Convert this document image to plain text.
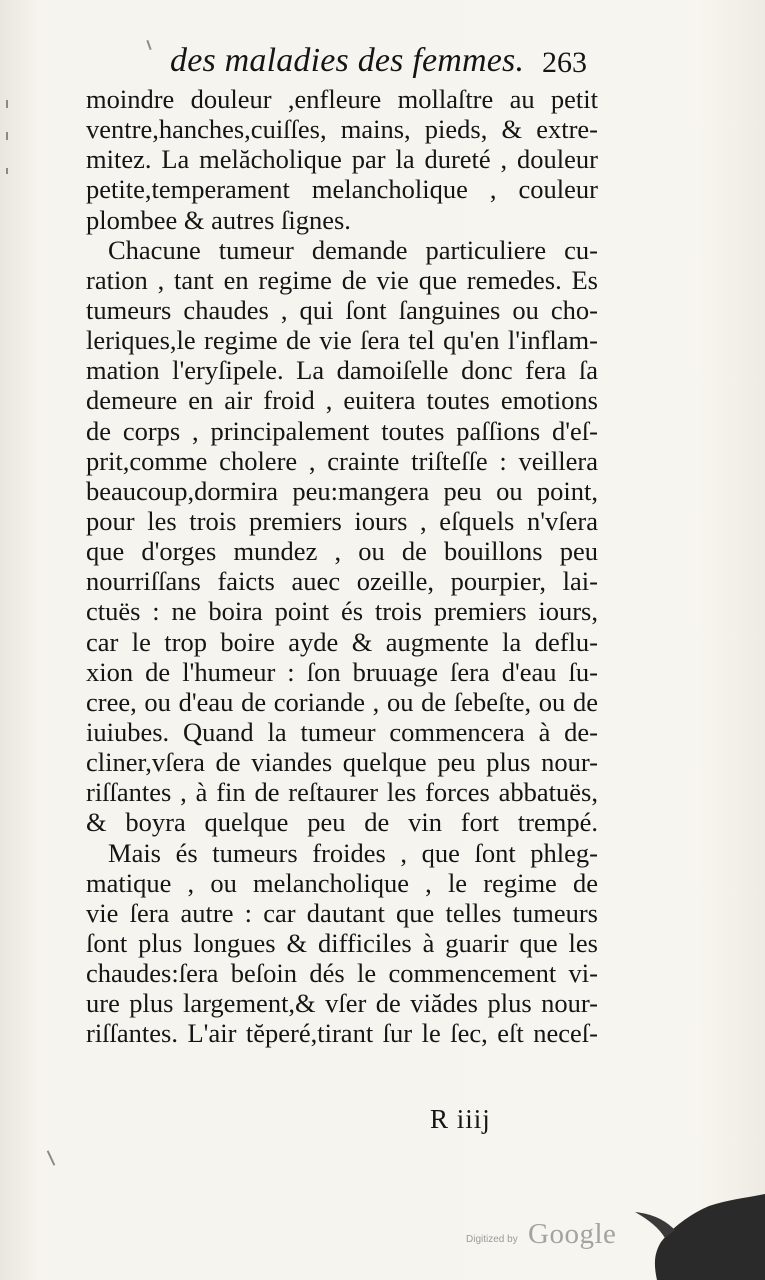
des maladies des femmes. 263
moindre douleur ,enfleure mollaſtre au petit
ventre,hanches,cuiſſes, mains, pieds, & extre-
mitez. La melăcholique par la dureté , douleur
petite,temperament melancholique , couleur
plombee & autres ſignes.
Chacune tumeur demande particuliere cu-
ration , tant en regime de vie que remedes. Es
tumeurs chaudes , qui ſont ſanguines ou cho-
leriques,le regime de vie ſera tel qu'en l'inflam-
mation l'eryſipele. La damoiſelle donc fera ſa
demeure en air froid , euitera toutes emotions
de corps , principalement toutes paſſions d'eſ-
prit,comme cholere , crainte triſteſſe : veillera
beaucoup,dormira peu:mangera peu ou point,
pour les trois premiers iours , eſquels n'vſera
que d'orges mundez , ou de bouillons peu
nourriſſans faicts auec ozeille, pourpier, lai-
ctuës : ne boira point és trois premiers iours,
car le trop boire ayde & augmente la deflu-
xion de l'humeur : ſon bruuage ſera d'eau ſu-
cree, ou d'eau de coriande , ou de ſebeſte, ou de
iuiubes. Quand la tumeur commencera à de-
cliner,vſera de viandes quelque peu plus nour-
riſſantes , à fin de reſtaurer les forces abbatuës,
& boyra quelque peu de vin fort trempé.
Mais és tumeurs froides , que ſont phleg-
matique , ou melancholique , le regime de
vie ſera autre : car dautant que telles tumeurs
ſont plus longues & difficiles à guarir que les
chaudes:ſera beſoin dés le commencement vi-
ure plus largement,& vſer de viădes plus nour-
riſſantes. L'air tĕperé,tirant ſur le ſec, eſt neceſ-
R iiij
Digitized by Google
